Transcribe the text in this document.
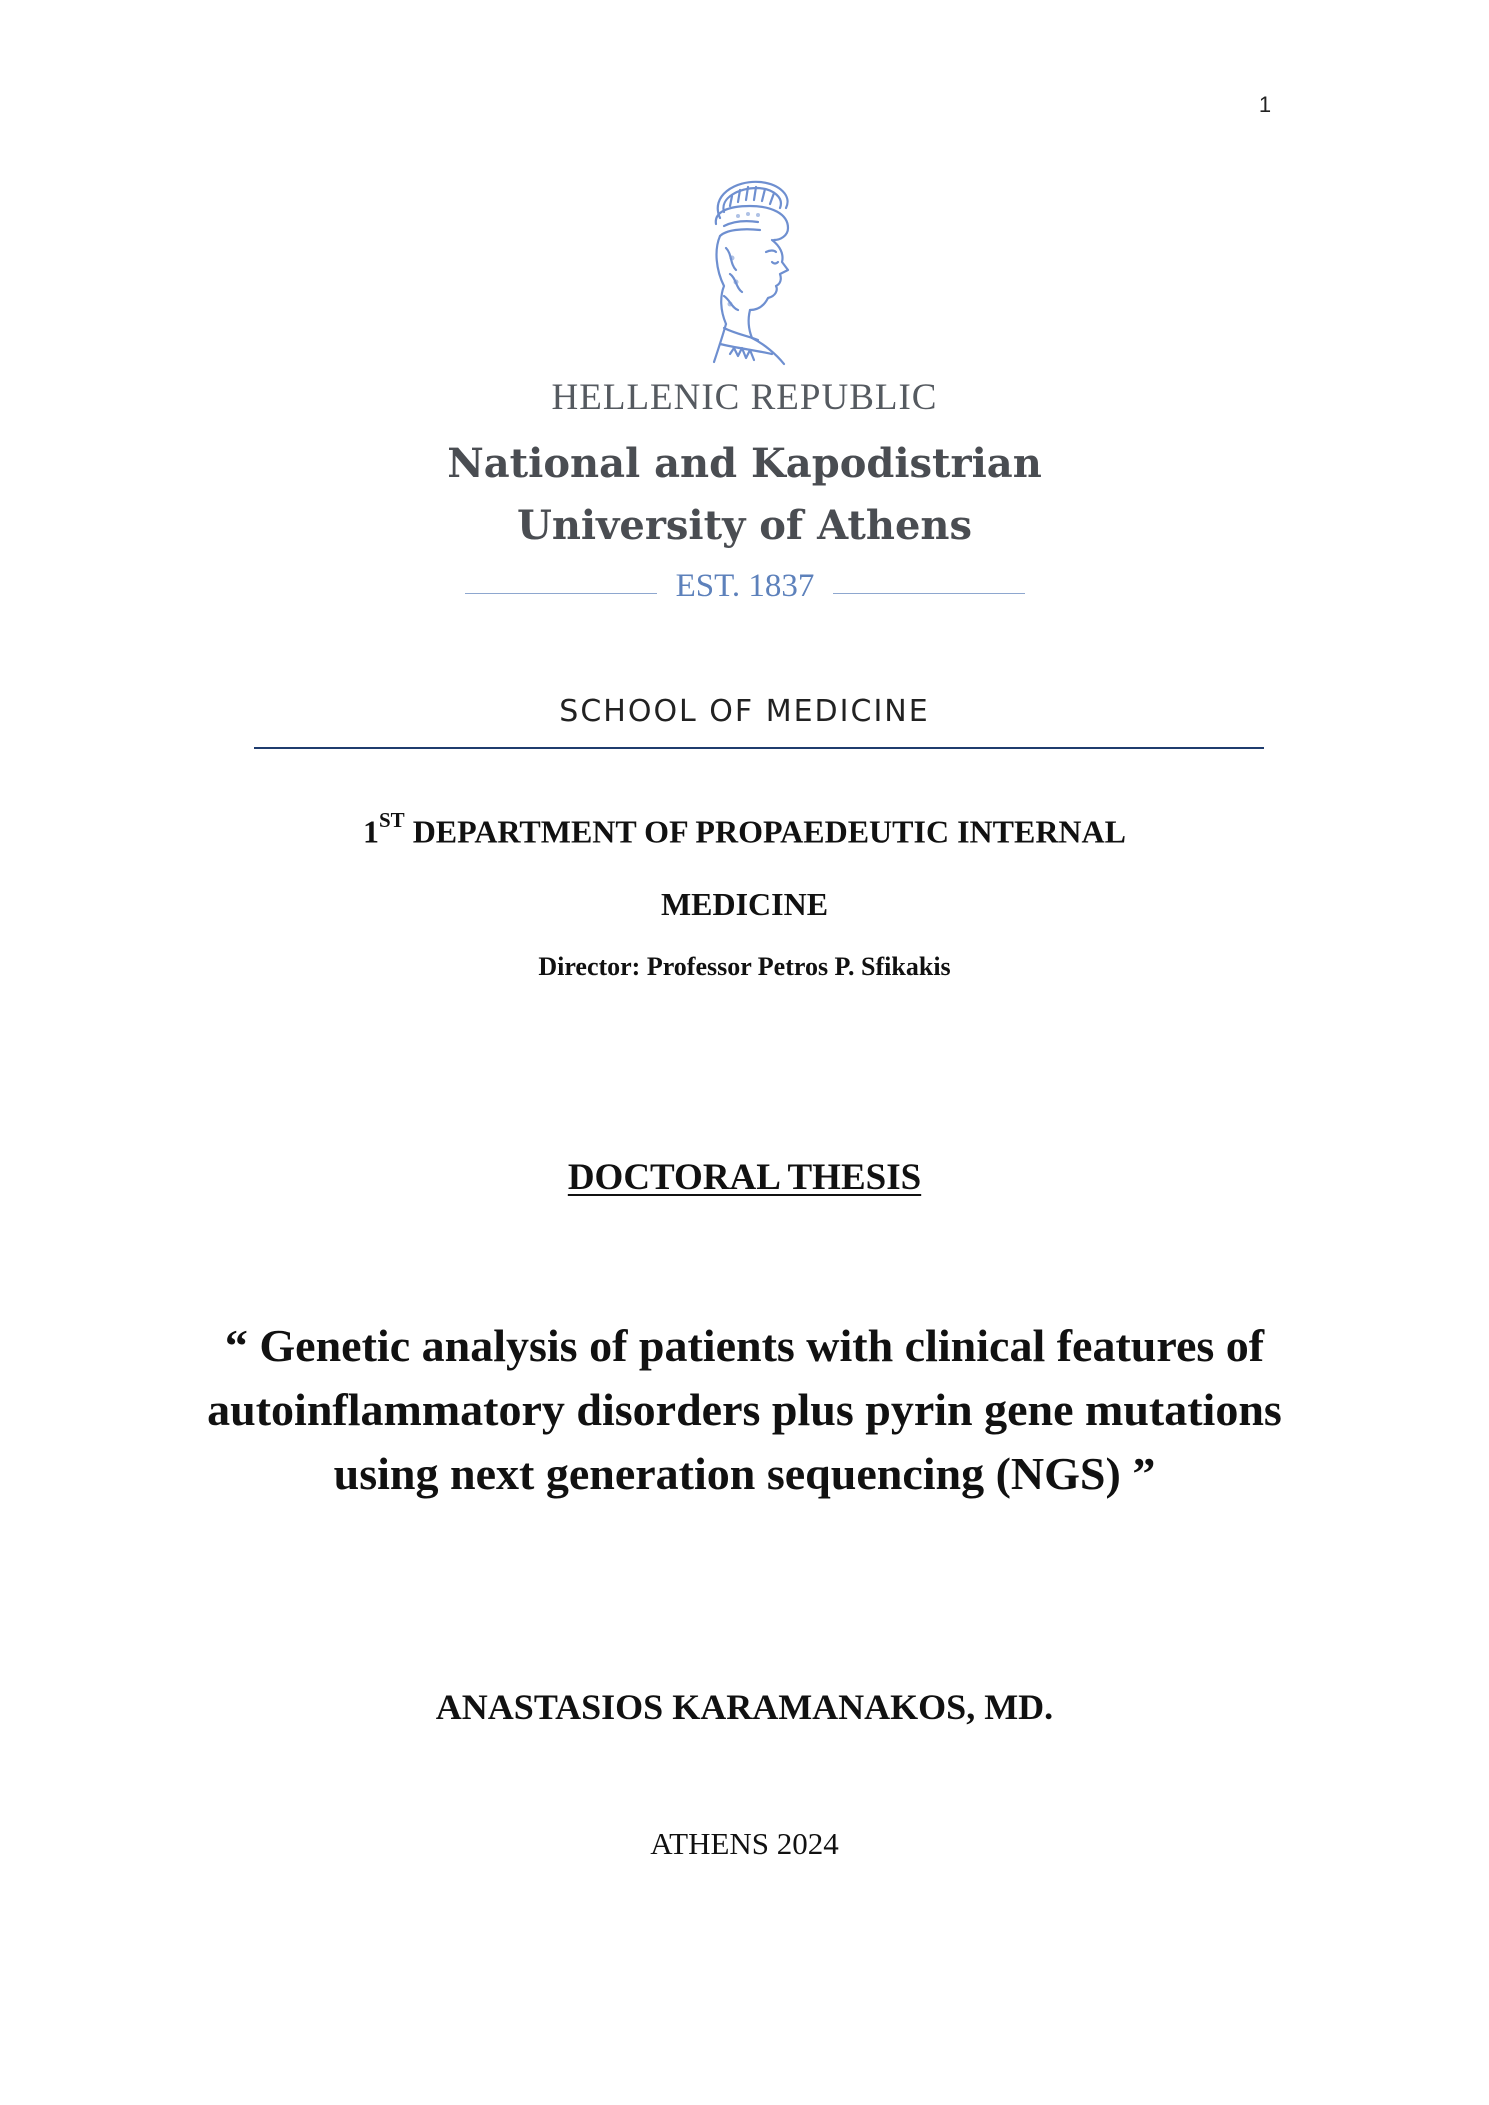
1
HELLENIC REPUBLIC
National and Kapodistrian
University of Athens
EST. 1837
SCHOOL OF MEDICINE
1ST DEPARTMENT OF PROPAEDEUTIC INTERNAL
MEDICINE
Director: Professor Petros P. Sfikakis
DOCTORAL THESIS
“ Genetic analysis of patients with clinical features of autoinflammatory disorders plus pyrin gene mutations using next generation sequencing (NGS) ”
ANASTASIOS KARAMANAKOS, MD.
ATHENS 2024
